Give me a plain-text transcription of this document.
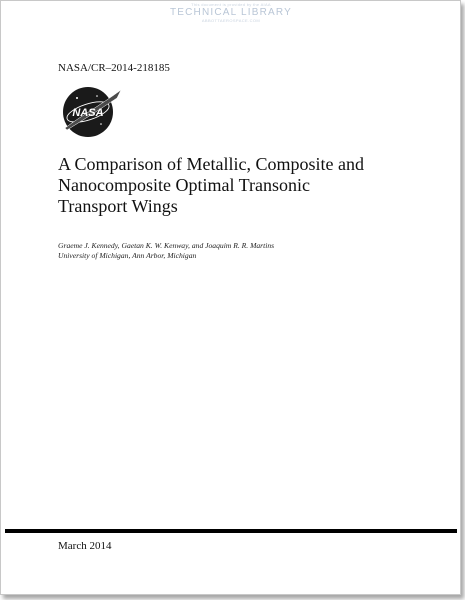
This document is provided by the AIAA
TECHNICAL LIBRARY
ABBOTTAEROSPACE.COM
NASA/CR–2014-218185
NASA
A Comparison of Metallic, Composite and
Nanocomposite Optimal Transonic
Transport Wings
Graeme J. Kennedy, Gaetan K. W. Kenway, and Joaquim R. R. Martins
University of Michigan, Ann Arbor, Michigan
March 2014
